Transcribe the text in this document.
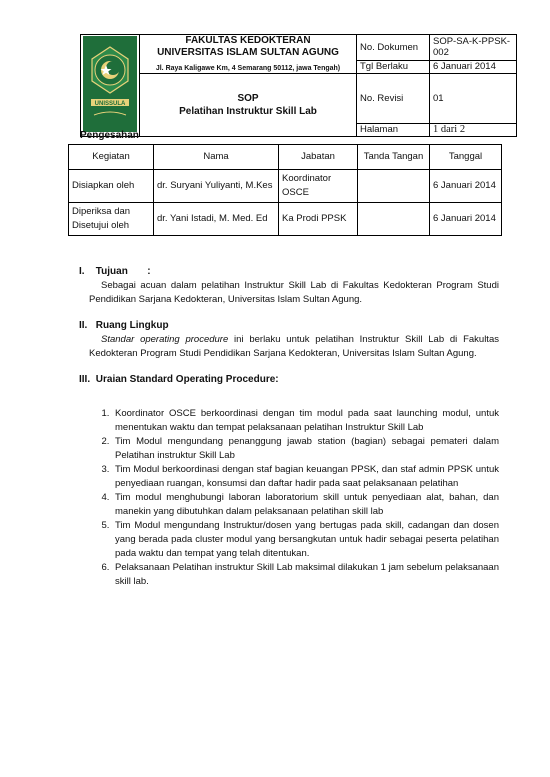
UNISSULA	FAKULTAS KEDOKTERAN
UNIVERSITAS ISLAM SULTAN AGUNG
Jl. Raya Kaligawe Km, 4 Semarang 50112, jawa Tengah)	No. Dokumen	SOP-SA-K-PPSK-002
		Tgl Berlaku	6 Januari 2014
	SOP
Pelatihan Instruktur Skill Lab	No. Revisi	01
		Halaman	1 dari 2
Pengesahan
Kegiatan	Nama	Jabatan	Tanda Tangan	Tanggal
Disiapkan oleh	dr. Suryani Yuliyanti, M.Kes	Koordinator OSCE		6 Januari 2014
Diperiksa dan Disetujui oleh	dr. Yani Istadi, M. Med. Ed	Ka Prodi PPSK		6 Januari 2014

I. Tujuan :

Sebagai acuan dalam pelatihan Instruktur Skill Lab di Fakultas Kedokteran Program Studi Pendidikan Sarjana Kedokteran, Universitas Islam Sultan Agung.

II. Ruang Lingkup

Standar operating procedure ini berlaku untuk pelatihan Instruktur Skill Lab di Fakultas Kedokteran Program Studi Pendidikan Sarjana Kedokteran, Universitas Islam Sultan Agung.

III. Uraian Standard Operating Procedure:

1. Koordinator OSCE berkoordinasi dengan tim modul pada saat launching modul, untuk menentukan waktu dan tempat pelaksanaan pelatihan Instruktur Skill Lab
2. Tim Modul mengundang penanggung jawab station (bagian) sebagai pemateri dalam Pelatihan instruktur Skill Lab
3. Tim Modul berkoordinasi dengan staf bagian keuangan PPSK, dan staf admin PPSK untuk penyediaan ruangan, konsumsi dan daftar hadir pada saat pelaksanaan pelatihan
4. Tim modul menghubungi laboran laboratorium skill untuk penyediaan alat, bahan, dan manekin yang dibutuhkan dalam pelaksanaan pelatihan skill lab
5. Tim Modul mengundang Instruktur/dosen yang bertugas pada skill, cadangan dan dosen yang berada pada cluster modul yang bersangkutan untuk hadir sebagai peserta pelatihan pada waktu dan tempat yang telah ditentukan.
6. Pelaksanaan Pelatihan instruktur Skill Lab maksimal dilakukan 1 jam sebelum pelaksanaan skill lab.
